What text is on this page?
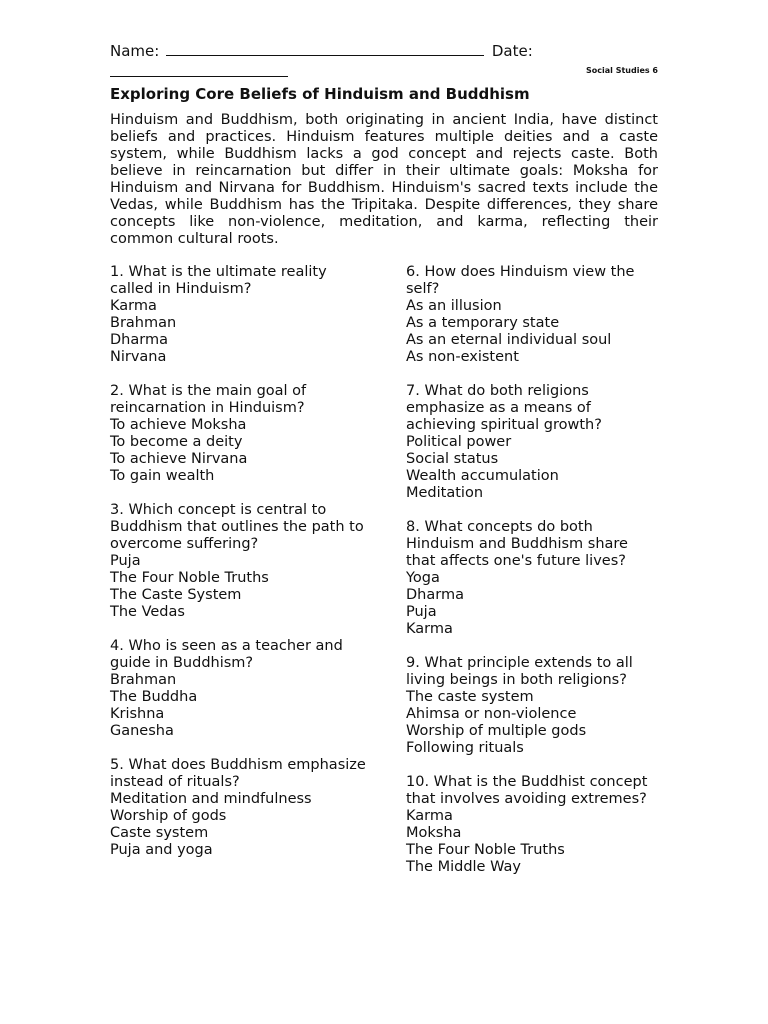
Name:	Date:
Social Studies 6
Exploring Core Beliefs of Hinduism and Buddhism

Hinduism and Buddhism, both originating in ancient India, have distinct beliefs and practices. Hinduism features multiple deities and a caste system, while Buddhism lacks a god concept and rejects caste. Both believe in reincarnation but differ in their ultimate goals: Moksha for Hinduism and Nirvana for Buddhism. Hinduism's sacred texts include the Vedas, while Buddhism has the Tripitaka. Despite differences, they share concepts like non-violence, meditation, and karma, reflecting their common cultural roots.

1. What is the ultimate reality called in Hinduism?

Karma

Brahman

Dharma

Nirvana

2. What is the main goal of reincarnation in Hinduism?

To achieve Moksha

To become a deity

To achieve Nirvana

To gain wealth

3. Which concept is central to Buddhism that outlines the path to overcome suffering?

Puja

The Four Noble Truths

The Caste System

The Vedas

4. Who is seen as a teacher and guide in Buddhism?

Brahman

The Buddha

Krishna

Ganesha

5. What does Buddhism emphasize instead of rituals?

Meditation and mindfulness

Worship of gods

Caste system

Puja and yoga

6. How does Hinduism view the self?

As an illusion

As a temporary state

As an eternal individual soul

As non-existent

7. What do both religions emphasize as a means of achieving spiritual growth?

Political power

Social status

Wealth accumulation

Meditation

8. What concepts do both Hinduism and Buddhism share that affects one's future lives?

Yoga

Dharma

Puja

Karma

9. What principle extends to all living beings in both religions?

The caste system

Ahimsa or non-violence

Worship of multiple gods

Following rituals

10. What is the Buddhist concept that involves avoiding extremes?

Karma

Moksha

The Four Noble Truths

The Middle Way
